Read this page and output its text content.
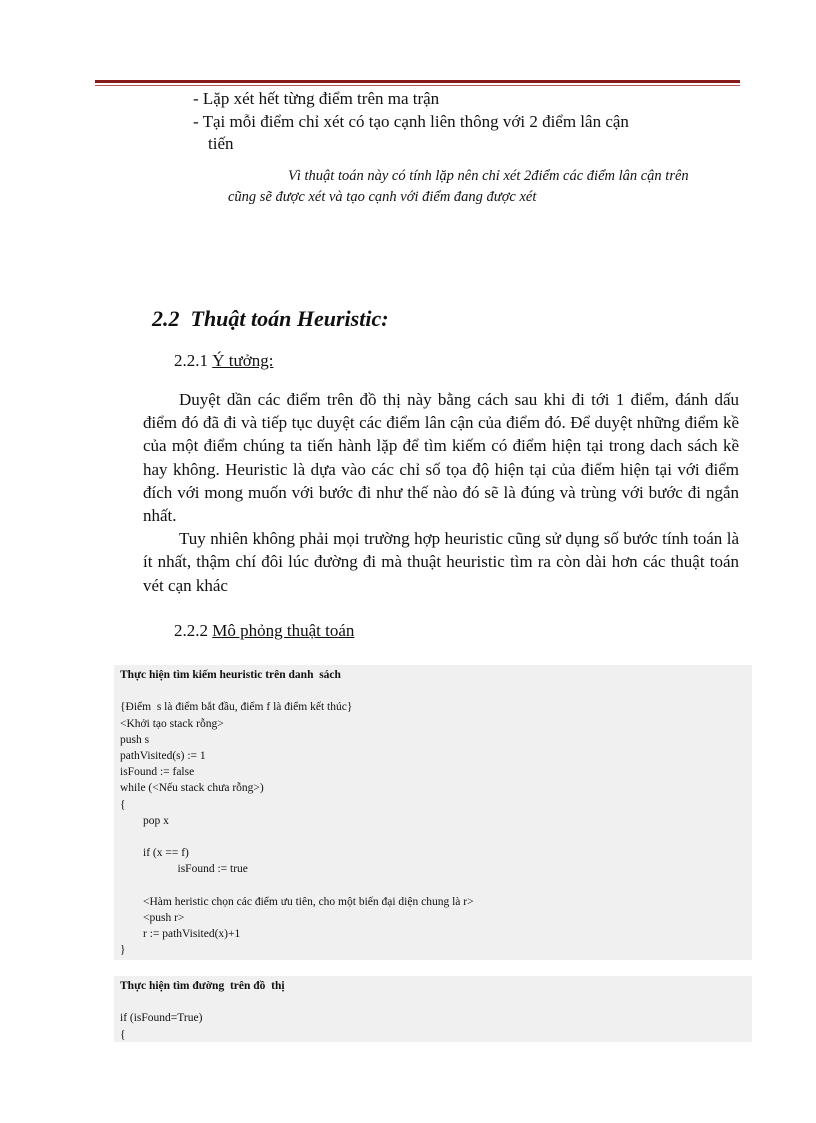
- Lặp xét hết từng điểm trên ma trận
- Tại mỗi điểm chỉ xét có tạo cạnh liên thông với 2 điểm lân cận
tiến
Vì thuật toán này có tính lặp nên chỉ xét 2điểm các điểm lân cận trên
cũng sẽ được xét và tạo cạnh với điểm đang được xét
2.2 Thuật toán Heuristic:
2.2.1 Ý tưởng:

Duyệt dần các điểm trên đồ thị này bằng cách sau khi đi tới 1 điểm, đánh dấu điểm đó đã đi và tiếp tục duyệt các điểm lân cận của điểm đó. Để duyệt những điểm kề của một điểm chúng ta tiến hành lặp để tìm kiếm có điểm hiện tại trong dach sách kề hay không. Heuristic là dựa vào các chỉ số tọa độ hiện tại của điểm hiện tại với điểm đích với mong muốn với bước đi như thế nào đó sẽ là đúng và trùng với bước đi ngắn nhất.

Tuy nhiên không phải mọi trường hợp heuristic cũng sử dụng số bước tính toán là ít nhất, thậm chí đôi lúc đường đi mà thuật heuristic tìm ra còn dài hơn các thuật toán vét cạn khác

2.2.2 Mô phỏng thuật toán
Thực hiện tìm kiếm heuristic trên danh  sách
{Điểm  s là điểm bắt đầu, điểm f là điểm kết thúc}
<Khởi tạo stack rỗng>
push s
pathVisited(s) := 1
isFound := false
while (<Nếu stack chưa rỗng>)
{
pop x
if (x == f)
isFound := true
<Hàm heristic chọn các điểm ưu tiên, cho một biến đại diện chung là r>
<push r>
r := pathVisited(x)+1
}
Thực hiện tìm đường  trên đồ  thị
if (isFound=True)
{
